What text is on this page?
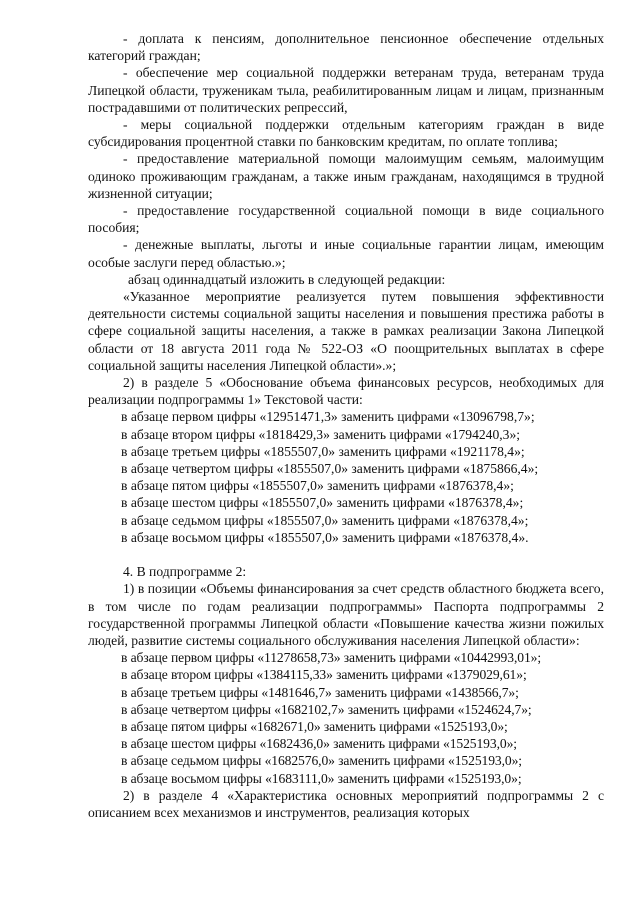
- доплата к пенсиям, дополнительное пенсионное обеспечение отдельных категорий граждан;

- обеспечение мер социальной поддержки ветеранам труда, ветеранам труда Липецкой области, труженикам тыла, реабилитированным лицам и лицам, признанным пострадавшими от политических репрессий,

- меры социальной поддержки отдельным категориям граждан в виде субсидирования процентной ставки по банковским кредитам, по оплате топлива;

- предоставление материальной помощи малоимущим семьям, малоимущим одиноко проживающим гражданам, а также иным гражданам, находящимся в трудной жизненной ситуации;

- предоставление государственной социальной помощи в виде социального пособия;

- денежные выплаты, льготы и иные социальные гарантии лицам, имеющим особые заслуги перед областью.»;

абзац одиннадцатый изложить в следующей редакции:

«Указанное мероприятие реализуется путем повышения эффективности деятельности системы социальной защиты населения и повышения престижа работы в сфере социальной защиты населения, а также в рамках реализации Закона Липецкой области от 18 августа 2011 года № 522-ОЗ «О поощрительных выплатах в сфере социальной защиты населения Липецкой области».»;

2) в разделе 5 «Обоснование объема финансовых ресурсов, необходимых для реализации подпрограммы 1» Текстовой части:

в абзаце первом цифры «12951471,3» заменить цифрами «13096798,7»;
в абзаце втором цифры «1818429,3» заменить цифрами «1794240,3»;
в абзаце третьем цифры «1855507,0» заменить цифрами «1921178,4»;
в абзаце четвертом цифры «1855507,0» заменить цифрами «1875866,4»;
в абзаце пятом цифры «1855507,0» заменить цифрами «1876378,4»;
в абзаце шестом цифры «1855507,0» заменить цифрами «1876378,4»;
в абзаце седьмом цифры «1855507,0» заменить цифрами «1876378,4»;
в абзаце восьмом цифры «1855507,0» заменить цифрами «1876378,4».

4. В подпрограмме 2:

1) в позиции «Объемы финансирования за счет средств областного бюджета всего, в том числе по годам реализации подпрограммы» Паспорта подпрограммы 2 государственной программы Липецкой области «Повышение качества жизни пожилых людей, развитие системы социального обслуживания населения Липецкой области»:

в абзаце первом цифры «11278658,73» заменить цифрами «10442993,01»;
в абзаце втором цифры «1384115,33» заменить цифрами «1379029,61»;
в абзаце третьем цифры «1481646,7» заменить цифрами «1438566,7»;
в абзаце четвертом цифры «1682102,7» заменить цифрами «1524624,7»;
в абзаце пятом цифры «1682671,0» заменить цифрами «1525193,0»;
в абзаце шестом цифры «1682436,0» заменить цифрами «1525193,0»;
в абзаце седьмом цифры «1682576,0» заменить цифрами «1525193,0»;
в абзаце восьмом цифры «1683111,0» заменить цифрами «1525193,0»;

2) в разделе 4 «Характеристика основных мероприятий подпрограммы 2 с описанием всех механизмов и инструментов, реализация которых
